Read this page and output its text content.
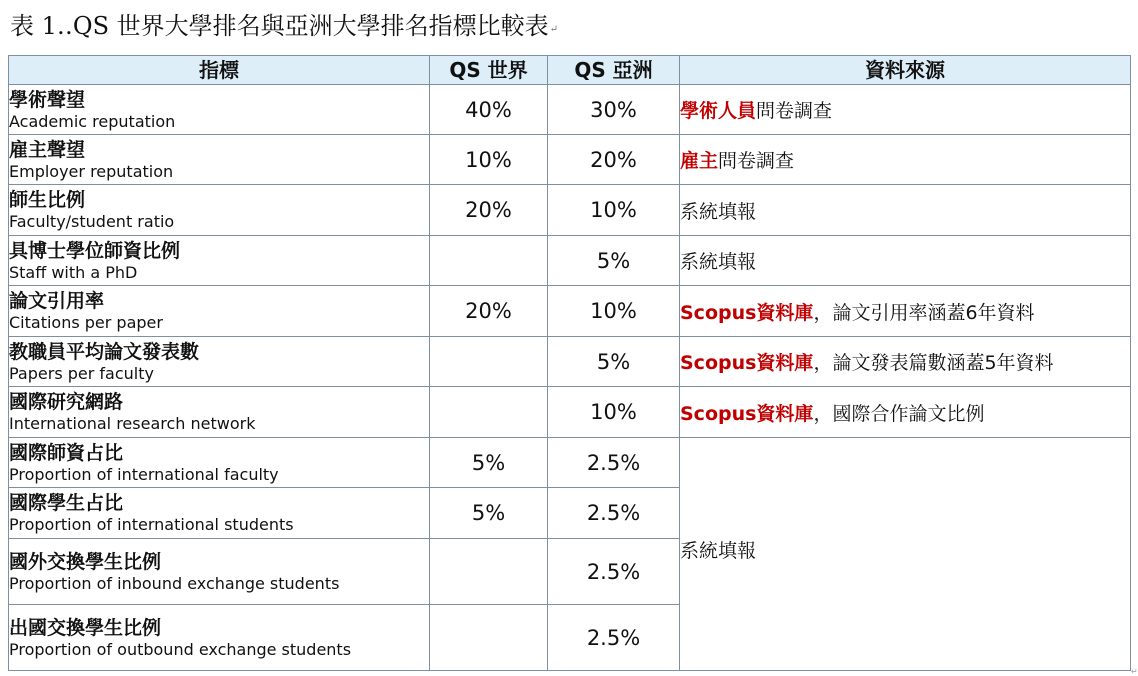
表 1‥QS 世界大學排名與亞洲大學排名指標比較表↵
指標	QS 世界	QS 亞洲	資料來源

學術聲望
Academic reputation	40%	30%	學術人員問卷調查

雇主聲望
Employer reputation	10%	20%	雇主問卷調查

師生比例
Faculty/student ratio	20%	10%	系統填報

具博士學位師資比例
Staff with a PhD		5%	系統填報

論文引用率
Citations per paper	20%	10%	Scopus資料庫，論文引用率涵蓋6年資料

教職員平均論文發表數
Papers per faculty		5%	Scopus資料庫，論文發表篇數涵蓋5年資料

國際研究網路
International research network		10%	Scopus資料庫，國際合作論文比例

國際師資占比
Proportion of international faculty	5%	2.5%	系統填報

國際學生占比
Proportion of international students	5%	2.5%	

國外交換學生比例
Proportion of inbound exchange students		2.5%	

出國交換學生比例
Proportion of outbound exchange students		2.5%	
↵
